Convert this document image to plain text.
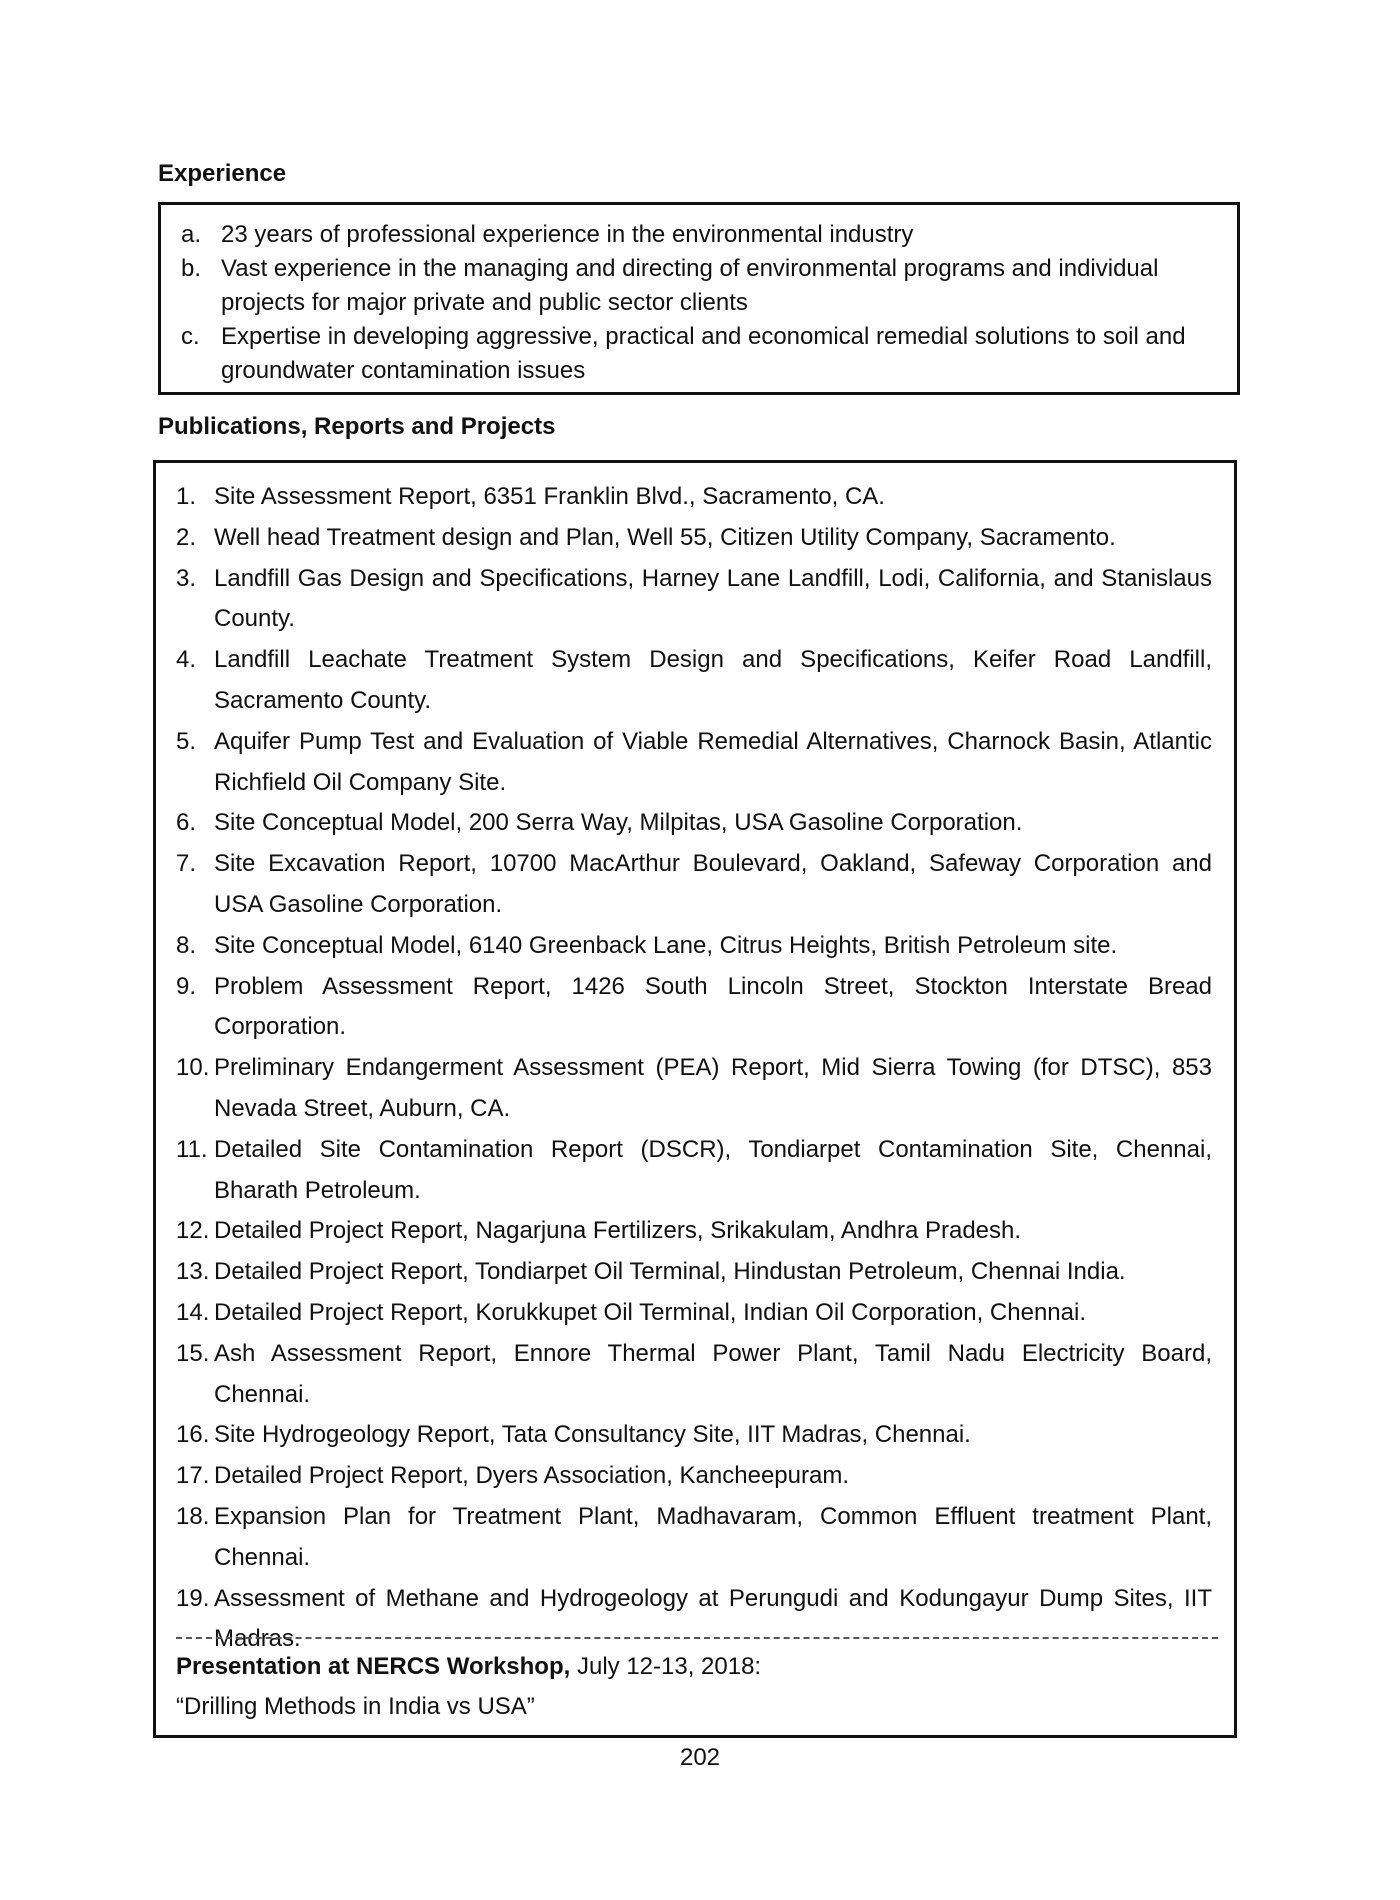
Experience
a. 23 years of professional experience in the environmental industry
b. Vast experience in the managing and directing of environmental programs and individual projects for major private and public sector clients
c. Expertise in developing aggressive, practical and economical remedial solutions to soil and groundwater contamination issues
Publications, Reports and Projects
1. Site Assessment Report, 6351 Franklin Blvd., Sacramento, CA.
2. Well head Treatment design and Plan, Well 55, Citizen Utility Company, Sacramento.
3. Landfill Gas Design and Specifications, Harney Lane Landfill, Lodi, California, and Stanislaus County.
4. Landfill Leachate Treatment System Design and Specifications, Keifer Road Landfill, Sacramento County.
5. Aquifer Pump Test and Evaluation of Viable Remedial Alternatives, Charnock Basin, Atlantic Richfield Oil Company Site.
6. Site Conceptual Model, 200 Serra Way, Milpitas, USA Gasoline Corporation.
7. Site Excavation Report, 10700 MacArthur Boulevard, Oakland, Safeway Corporation and USA Gasoline Corporation.
8. Site Conceptual Model, 6140 Greenback Lane, Citrus Heights, British Petroleum site.
9. Problem Assessment Report, 1426 South Lincoln Street, Stockton Interstate Bread Corporation.
10. Preliminary Endangerment Assessment (PEA) Report, Mid Sierra Towing (for DTSC), 853 Nevada Street, Auburn, CA.
11. Detailed Site Contamination Report (DSCR), Tondiarpet Contamination Site, Chennai, Bharath Petroleum.
12. Detailed Project Report, Nagarjuna Fertilizers, Srikakulam, Andhra Pradesh.
13. Detailed Project Report, Tondiarpet Oil Terminal, Hindustan Petroleum, Chennai India.
14. Detailed Project Report, Korukkupet Oil Terminal, Indian Oil Corporation, Chennai.
15. Ash Assessment Report, Ennore Thermal Power Plant, Tamil Nadu Electricity Board, Chennai.
16. Site Hydrogeology Report, Tata Consultancy Site, IIT Madras, Chennai.
17. Detailed Project Report, Dyers Association, Kancheepuram.
18. Expansion Plan for Treatment Plant, Madhavaram, Common Effluent treatment Plant, Chennai.
19. Assessment of Methane and Hydrogeology at Perungudi and Kodungayur Dump Sites, IIT Madras.
Presentation at NERCS Workshop, July 12-13, 2018:
“Drilling Methods in India vs USA”
202
